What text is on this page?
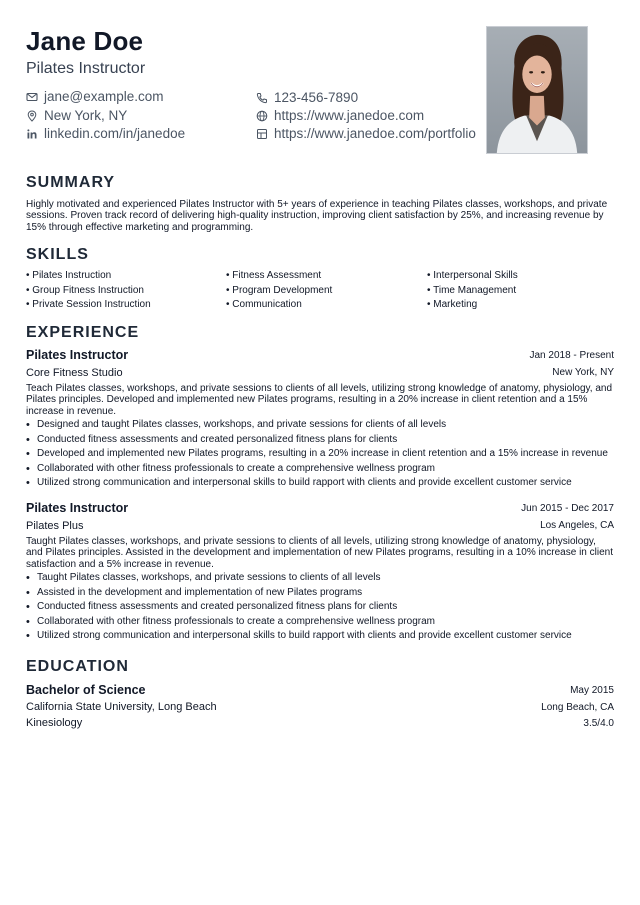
Jane Doe
Pilates Instructor
jane@example.com	123-456-7890
New York, NY	https://www.janedoe.com
linkedin.com/in/janedoe	https://www.janedoe.com/portfolio
SUMMARY
Highly motivated and experienced Pilates Instructor with 5+ years of experience in teaching Pilates classes, workshops, and private sessions. Proven track record of delivering high-quality instruction, improving client satisfaction by 25%, and increasing revenue by 15% through effective marketing and programming.
SKILLS
• Pilates Instruction	• Fitness Assessment	• Interpersonal Skills
• Group Fitness Instruction	• Program Development	• Time Management
• Private Session Instruction	• Communication	• Marketing
EXPERIENCE
Pilates Instructor	Jan 2018 - Present
Core Fitness Studio	New York, NY
Teach Pilates classes, workshops, and private sessions to clients of all levels, utilizing strong knowledge of anatomy, physiology, and Pilates principles. Developed and implemented new Pilates programs, resulting in a 20% increase in client retention and a 15% increase in revenue.
• Designed and taught Pilates classes, workshops, and private sessions for clients of all levels
• Conducted fitness assessments and created personalized fitness plans for clients
• Developed and implemented new Pilates programs, resulting in a 20% increase in client retention and a 15% increase in revenue
• Collaborated with other fitness professionals to create a comprehensive wellness program
• Utilized strong communication and interpersonal skills to build rapport with clients and provide excellent customer service
Pilates Instructor	Jun 2015 - Dec 2017
Pilates Plus	Los Angeles, CA
Taught Pilates classes, workshops, and private sessions to clients of all levels, utilizing strong knowledge of anatomy, physiology, and Pilates principles. Assisted in the development and implementation of new Pilates programs, resulting in a 10% increase in client satisfaction and a 5% increase in revenue.
• Taught Pilates classes, workshops, and private sessions to clients of all levels
• Assisted in the development and implementation of new Pilates programs
• Conducted fitness assessments and created personalized fitness plans for clients
• Collaborated with other fitness professionals to create a comprehensive wellness program
• Utilized strong communication and interpersonal skills to build rapport with clients and provide excellent customer service
EDUCATION
Bachelor of Science	May 2015
California State University, Long Beach	Long Beach, CA
Kinesiology	3.5/4.0
